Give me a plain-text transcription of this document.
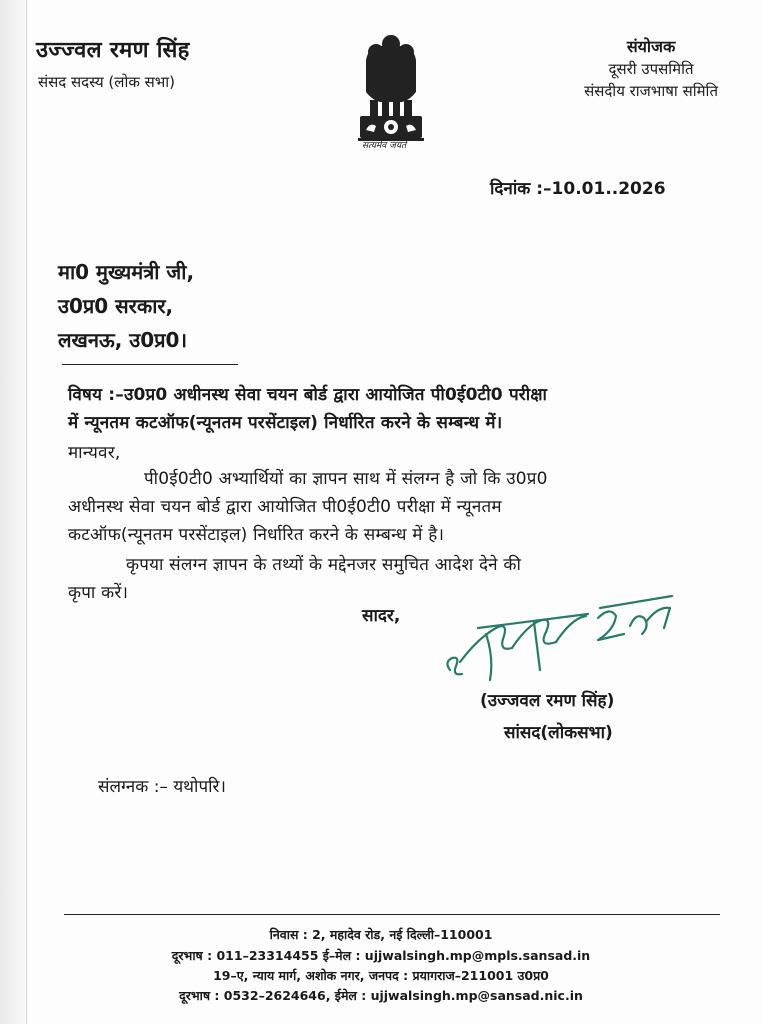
उज्ज्वल रमण सिंह
संसद सदस्य (लोक सभा)
सत्यमेव जयते
संयोजक
दूसरी उपसमिति
संसदीय राजभाषा समिति
दिनांक :–10.01..2026
मा0 मुख्यमंत्री जी,
उ0प्र0 सरकार,
लखनऊ, उ0प्र0।
विषय :–उ0प्र0 अधीनस्थ सेवा चयन बोर्ड द्वारा आयोजित पी0ई0टी0 परीक्षा
में न्यूनतम कटऑफ(न्यूनतम परसेंटाइल) निर्धारित करने के सम्बन्ध में।
मान्यवर,
पी0ई0टी0 अभ्यार्थियों का ज्ञापन साथ में संलग्न है जो कि उ0प्र0
अधीनस्थ सेवा चयन बोर्ड द्वारा आयोजित पी0ई0टी0 परीक्षा में न्यूनतम
कटऑफ(न्यूनतम परसेंटाइल) निर्धारित करने के सम्बन्ध में है।
कृपया संलग्न ज्ञापन के तथ्यों के मद्देनजर समुचित आदेश देने की
कृपा करें।
सादर,
(उज्जवल रमण सिंह)
सांसद(लोकसभा)
संलग्नक :– यथोपरि।
निवास : 2, महादेव रोड, नई दिल्ली–110001
दूरभाष : 011–23314455 ई–मेल : ujjwalsingh.mp@mpls.sansad.in
19–ए, न्याय मार्ग, अशोक नगर, जनपद : प्रयागराज–211001 उ0प्र0
दूरभाष : 0532–2624646, ईमेल : ujjwalsingh.mp@sansad.nic.in
